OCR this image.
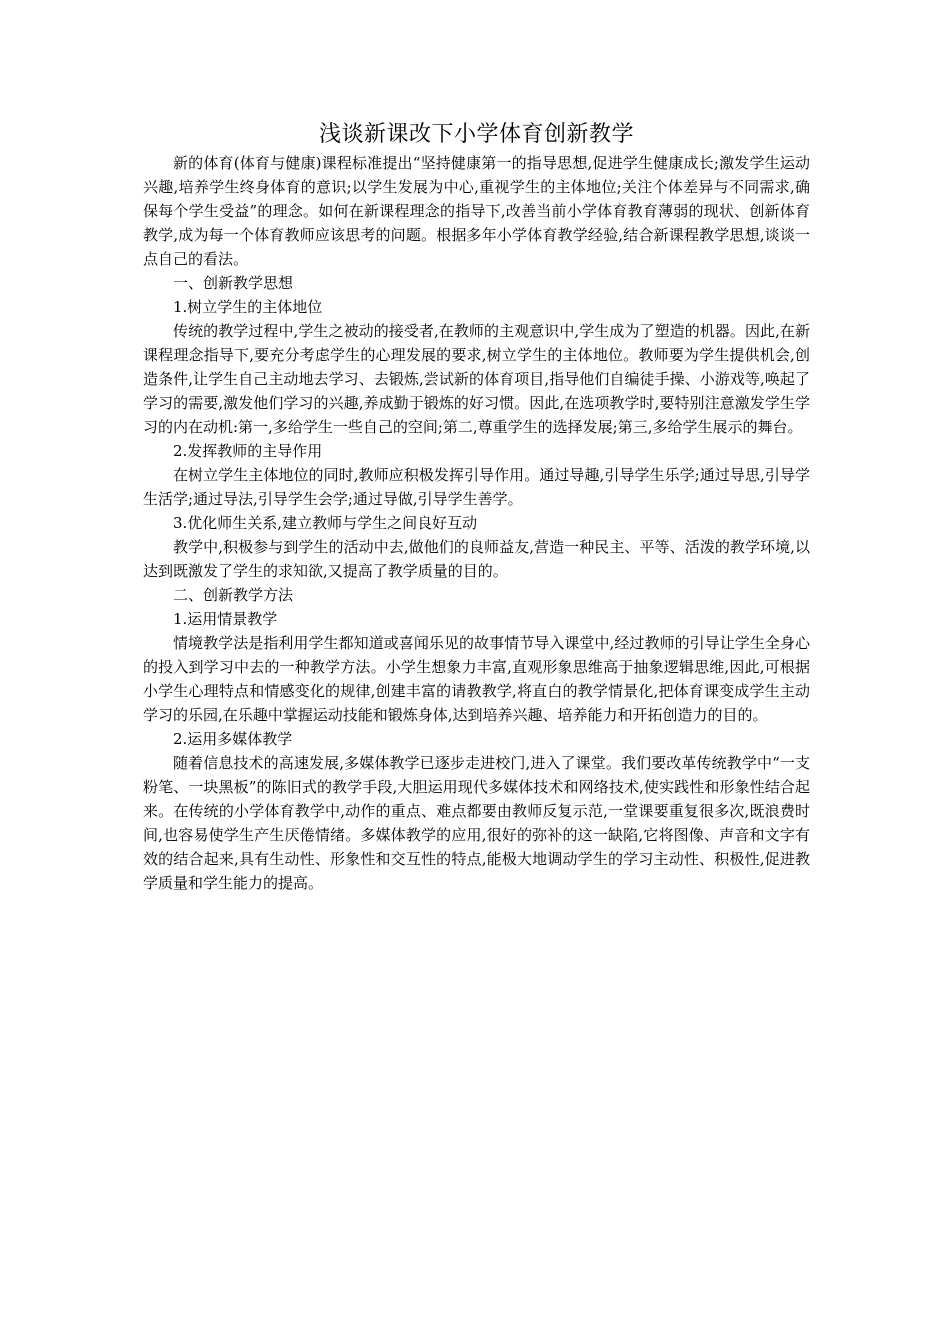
浅谈新课改下小学体育创新教学

新的体育(体育与健康)课程标准提出“坚持健康第一的指导思想,促进学生健康成长;激发学生运动兴趣,培养学生终身体育的意识;以学生发展为中心,重视学生的主体地位;关注个体差异与不同需求,确保每个学生受益”的理念。如何在新课程理念的指导下,改善当前小学体育教育薄弱的现状、创新体育教学,成为每一个体育教师应该思考的问题。根据多年小学体育教学经验,结合新课程教学思想,谈谈一点自己的看法。

一、创新教学思想

1.树立学生的主体地位

传统的教学过程中,学生之被动的接受者,在教师的主观意识中,学生成为了塑造的机器。因此,在新课程理念指导下,要充分考虑学生的心理发展的要求,树立学生的主体地位。教师要为学生提供机会,创造条件,让学生自己主动地去学习、去锻炼,尝试新的体育项目,指导他们自编徒手操、小游戏等,唤起了学习的需要,激发他们学习的兴趣,养成勤于锻炼的好习惯。因此,在选项教学时,要特别注意激发学生学习的内在动机:第一,多给学生一些自己的空间;第二,尊重学生的选择发展;第三,多给学生展示的舞台。

2.发挥教师的主导作用

在树立学生主体地位的同时,教师应积极发挥引导作用。通过导趣,引导学生乐学;通过导思,引导学生活学;通过导法,引导学生会学;通过导做,引导学生善学。

3.优化师生关系,建立教师与学生之间良好互动

教学中,积极参与到学生的活动中去,做他们的良师益友,营造一种民主、平等、活泼的教学环境,以达到既激发了学生的求知欲,又提高了教学质量的目的。

二、创新教学方法

1.运用情景教学

情境教学法是指利用学生都知道或喜闻乐见的故事情节导入课堂中,经过教师的引导让学生全身心的投入到学习中去的一种教学方法。小学生想象力丰富,直观形象思维高于抽象逻辑思维,因此,可根据小学生心理特点和情感变化的规律,创建丰富的请教教学,将直白的教学情景化,把体育课变成学生主动学习的乐园,在乐趣中掌握运动技能和锻炼身体,达到培养兴趣、培养能力和开拓创造力的目的。

2.运用多媒体教学

随着信息技术的高速发展,多媒体教学已逐步走进校门,进入了课堂。我们要改革传统教学中“一支粉笔、一块黑板”的陈旧式的教学手段,大胆运用现代多媒体技术和网络技术,使实践性和形象性结合起来。在传统的小学体育教学中,动作的重点、难点都要由教师反复示范,一堂课要重复很多次,既浪费时间,也容易使学生产生厌倦情绪。多媒体教学的应用,很好的弥补的这一缺陷,它将图像、声音和文字有效的结合起来,具有生动性、形象性和交互性的特点,能极大地调动学生的学习主动性、积极性,促进教学质量和学生能力的提高。
